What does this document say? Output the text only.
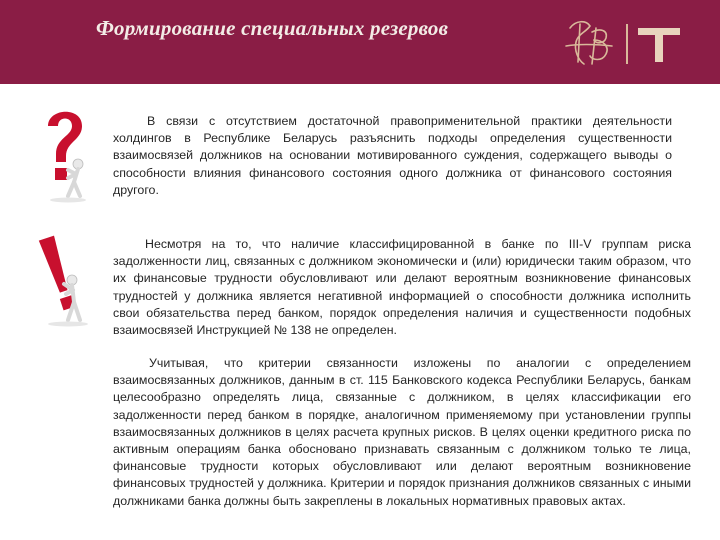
Формирование специальных резервов

В связи с отсутствием достаточной правоприменительной практики деятельности холдингов в Республике Беларусь разъяснить подходы определения существенности взаимосвязей должников на основании мотивированного суждения, содержащего выводы о способности влияния финансового состояния одного должника от финансового состояния другого.

Несмотря на то, что наличие классифицированной в банке по III-V группам риска задолженности лиц, связанных с должником экономически и (или) юридически таким образом, что их финансовые трудности обусловливают или делают вероятным возникновение финансовых трудностей у должника является негативной информацией о способности должника исполнить свои обязательства перед банком, порядок определения наличия и существенности подобных взаимосвязей Инструкцией № 138 не определен.

Учитывая, что критерии связанности изложены по аналогии с определением взаимосвязанных должников, данным в ст. 115 Банковского кодекса Республики Беларусь, банкам целесообразно определять лица, связанные с должником, в целях классификации его задолженности перед банком в порядке, аналогичном применяемому при установлении группы взаимосвязанных должников в целях расчета крупных рисков. В целях оценки кредитного риска по активным операциям банка обосновано признавать связанным с должником только те лица, финансовые трудности которых обусловливают или делают вероятным возникновение финансовых трудностей у должника. Критерии и порядок признания должников связанных с иными должниками банка должны быть закреплены в локальных нормативных правовых актах.
